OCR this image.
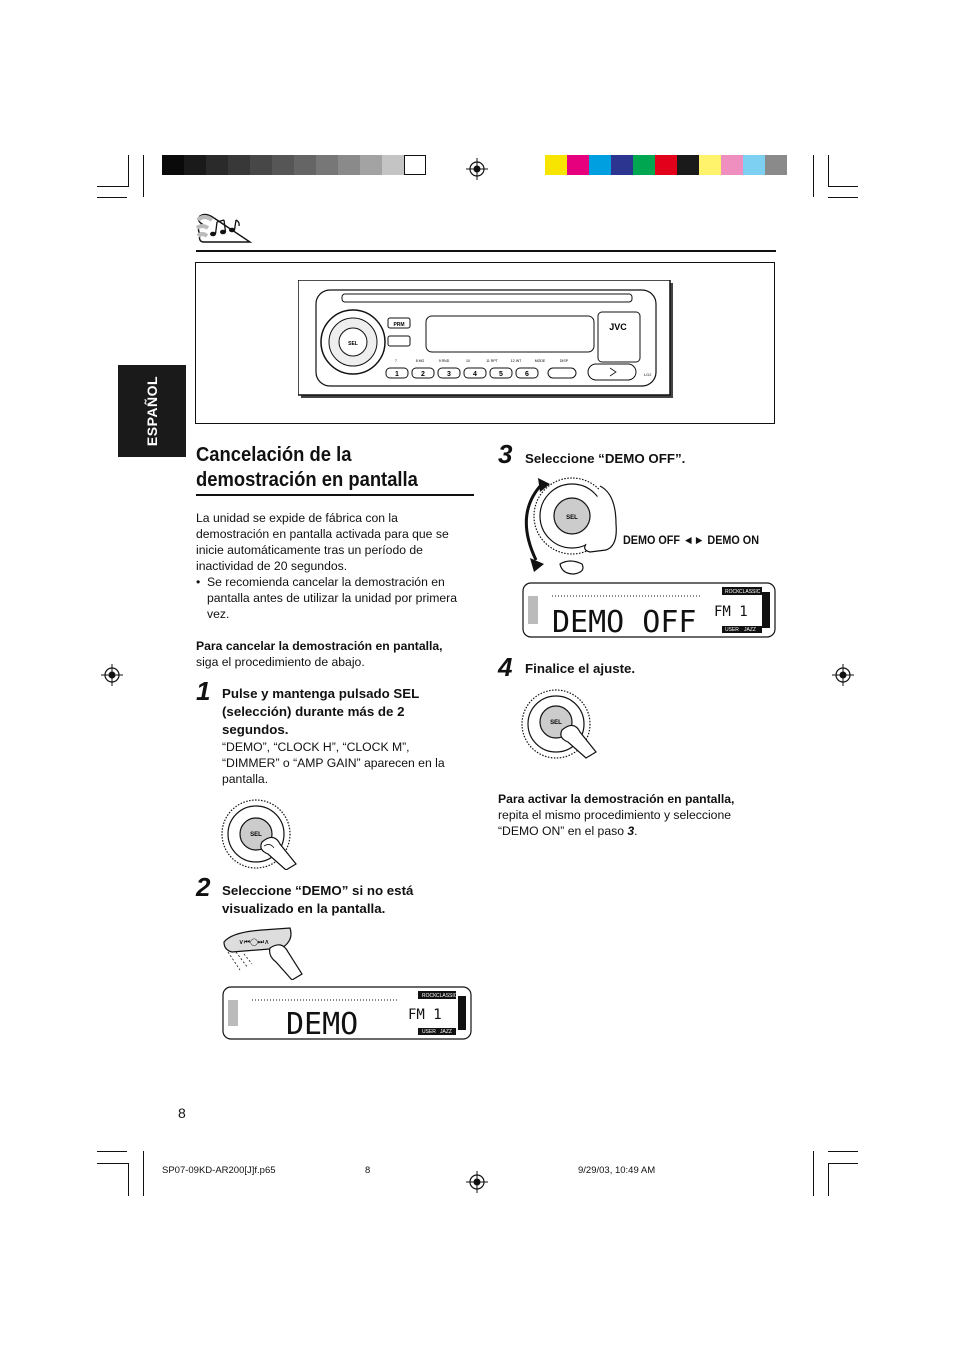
1	2	3	4	5	6
SEL
PRM	JVC
LOJ
7	8 MO	9 RND	10	11 RPT	12 INT	MODE	DISP
ESPAÑOL
Cancelación de la
demostración en pantalla
La unidad se expide de fábrica con la
demostración en pantalla activada para que se
inicie automáticamente tras un período de
inactividad de 20 segundos.
• Se recomienda cancelar la demostración en
pantalla antes de utilizar la unidad por primera
vez.
Para cancelar la demostración en pantalla,
siga el procedimiento de abajo.
1 Pulse y mantenga pulsado SEL
(selección) durante más de 2
segundos.
“DEMO”, “CLOCK H”, “CLOCK M”,
“DIMMER” o “AMP GAIN” aparecen en la
pantalla.
SEL
2 Seleccione “DEMO” si no está
visualizado en la pantalla.
∨⏮◯⏭∧
DEMO	FM 1
ROCK CLASSIC
USER JAZZ
3 Seleccione “DEMO OFF”.
SEL
DEMO OFF ◄► DEMO ON
DEMO OFF FM 1
ROCK CLASSIC
USER JAZZ
4 Finalice el ajuste.
SEL
Para activar la demostración en pantalla,
repita el mismo procedimiento y seleccione
“DEMO ON” en el paso 3.
8
SP07-09KD-AR200[J]f.p65	8	9/29/03, 10:49 AM
